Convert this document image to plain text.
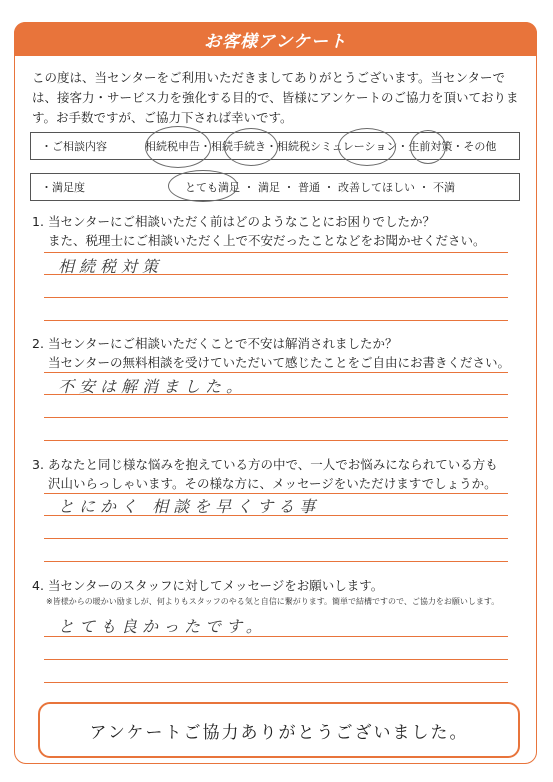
お客様アンケート
この度は、当センターをご利用いただきましてありがとうございます。当センターでは、接客力・サービス力を強化する目的で、皆様にアンケートのご協力を頂いております。お手数ですが、ご協力下されば幸いです。
・ご相談内容	相続税申告・相続手続き・相続税シミュレーション・生前対策・その他
・満足度	とても満足 ・ 満足 ・ 普通 ・ 改善してほしい ・ 不満
1. 当センターにご相談いただく前はどのようなことにお困りでしたか？
また、税理士にご相談いただく上で不安だったことなどをお聞かせください。
相続税対策
2. 当センターにご相談いただくことで不安は解消されましたか？
当センターの無料相談を受けていただいて感じたことをご自由にお書きください。
不安は解消ました。
3. あなたと同じ様な悩みを抱えている方の中で、一人でお悩みになられている方も
沢山いらっしゃいます。その様な方に、メッセージをいただけますでしょうか。
とにかく 相談を早くする事
4. 当センターのスタッフに対してメッセージをお願いします。
※皆様からの暖かい励ましが、何よりもスタッフのやる気と自信に繋がります。簡単で結構ですので、ご協力をお願いします。
とても良かったです。
アンケートご協力ありがとうございました。
